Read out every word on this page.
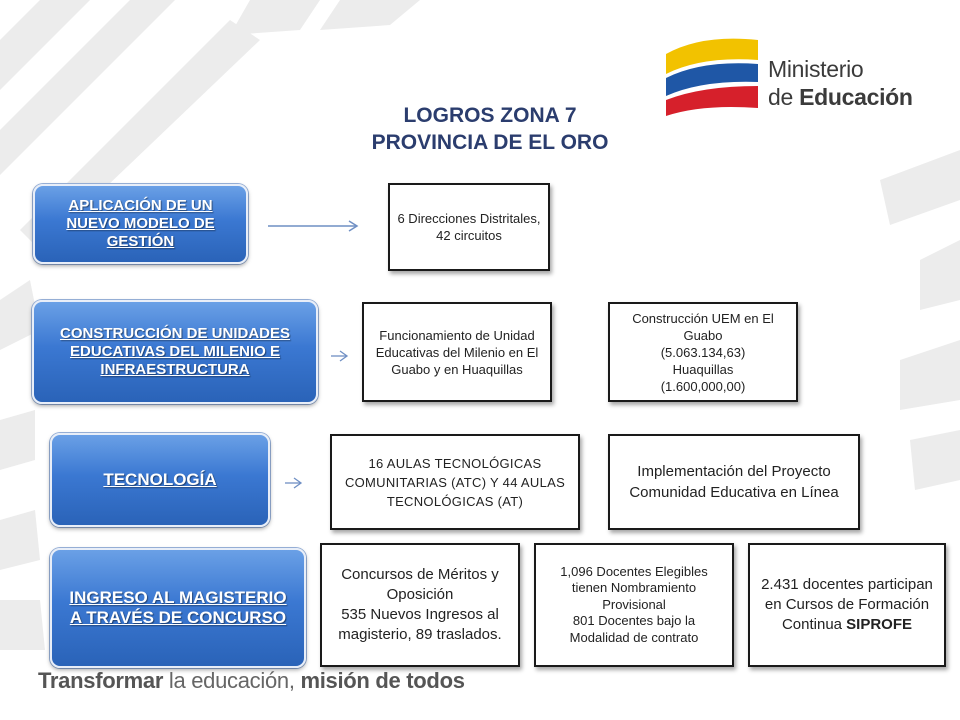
Ministerio
de Educación
LOGROS ZONA 7
PROVINCIA DE EL ORO
APLICACIÓN DE UN NUEVO MODELO DE GESTIÓN
CONSTRUCCIÓN DE UNIDADES EDUCATIVAS DEL MILENIO E INFRAESTRUCTURA
TECNOLOGÍA
INGRESO AL MAGISTERIO A TRAVÉS DE CONCURSO
6 Direcciones Distritales, 42 circuitos
Funcionamiento de Unidad Educativas del Milenio en El Guabo y en Huaquillas
Construcción UEM en El Guabo
(5.063.134,63)
Huaquillas
(1.600,000,00)
16 AULAS TECNOLÓGICAS COMUNITARIAS (ATC) Y 44 AULAS TECNOLÓGICAS (AT)
Implementación del Proyecto Comunidad Educativa en Línea
Concursos de Méritos y Oposición
535 Nuevos Ingresos al magisterio, 89 traslados.
1,096 Docentes Elegibles tienen Nombramiento Provisional
801 Docentes bajo la Modalidad de contrato
2.431 docentes participan en Cursos de Formación Continua SIPROFE
Transformar la educación, misión de todos
